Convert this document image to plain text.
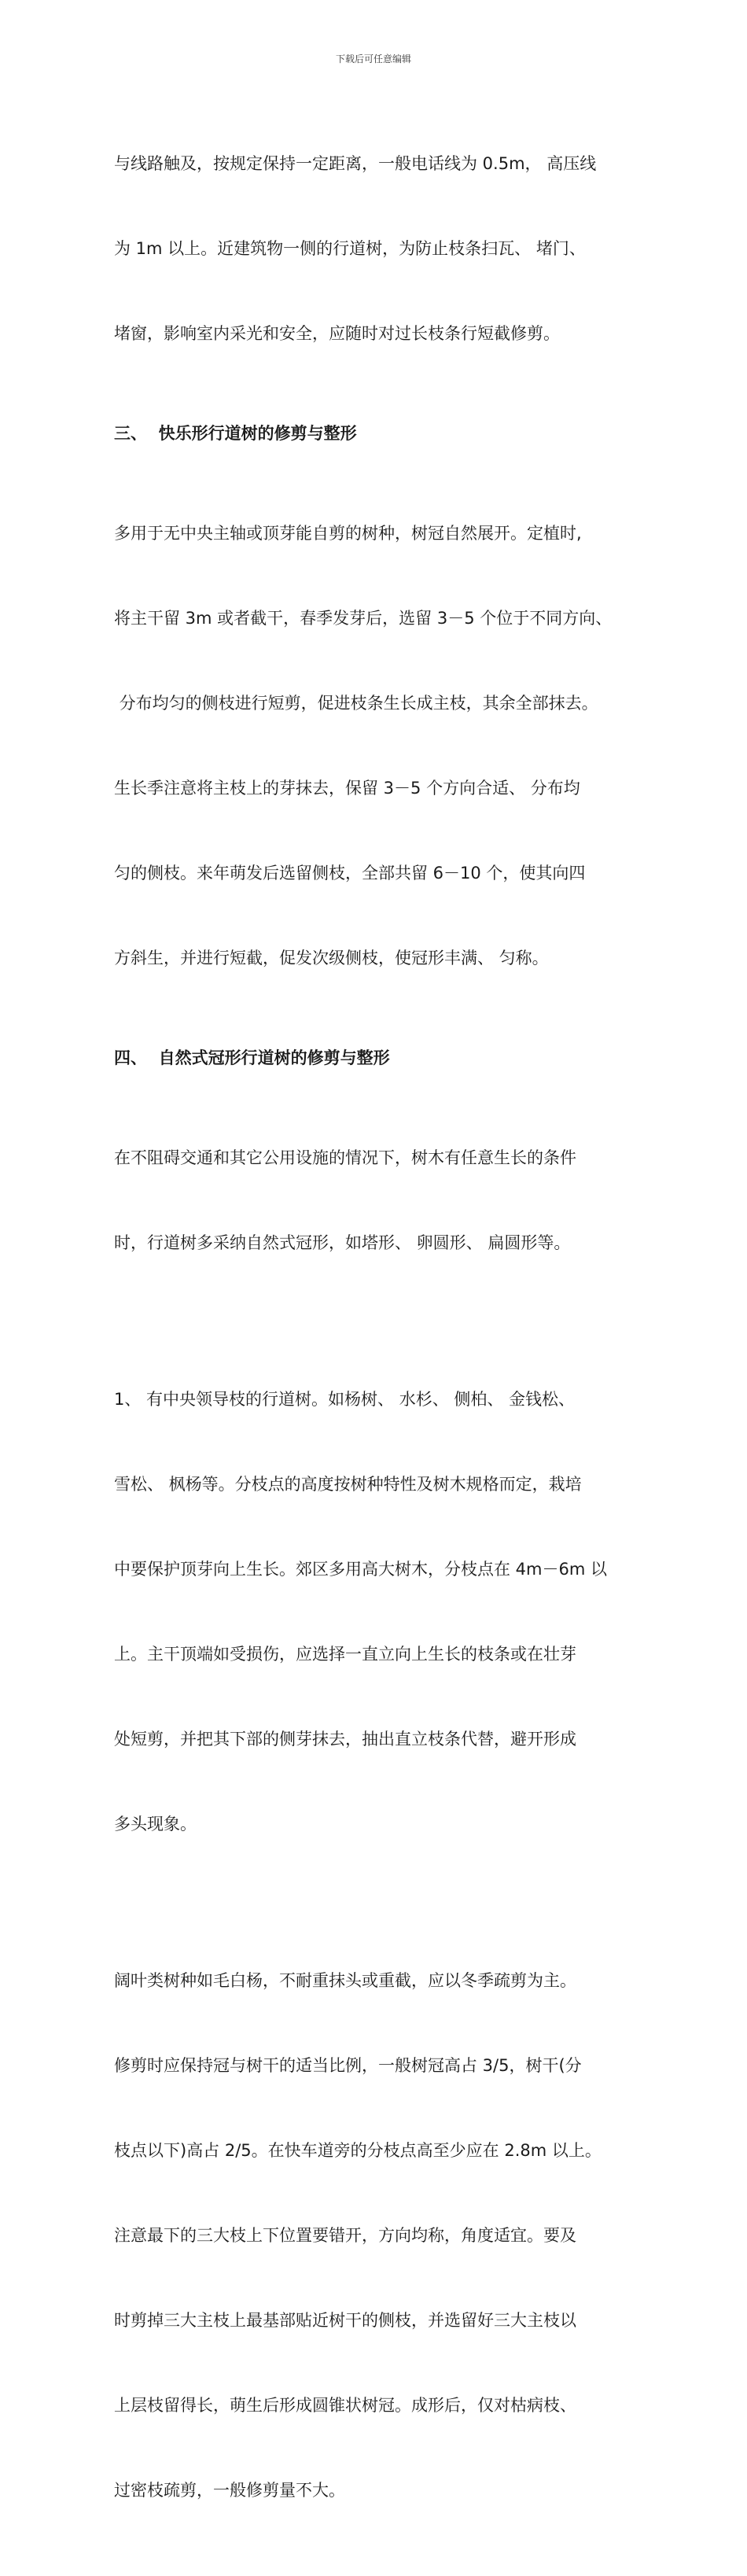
下载后可任意编辑

与线路触及，按规定保持一定距离，一般电话线为 0.5m， 高压线

为 1m 以上。近建筑物一侧的行道树，为防止枝条扫瓦、 堵门、

堵窗，影响室内采光和安全，应随时对过长枝条行短截修剪。

三、  快乐形行道树的修剪与整形

多用于无中央主轴或顶芽能自剪的树种，树冠自然展开。定植时,

将主干留 3m 或者截干，春季发芽后，选留 3－5 个位于不同方向、

分布均匀的侧枝进行短剪，促进枝条生长成主枝，其余全部抹去。

生长季注意将主枝上的芽抹去，保留 3－5 个方向合适、 分布均

匀的侧枝。来年萌发后选留侧枝，全部共留 6－10 个，使其向四

方斜生，并进行短截，促发次级侧枝，使冠形丰满、 匀称。

四、  自然式冠形行道树的修剪与整形

在不阻碍交通和其它公用设施的情况下，树木有任意生长的条件

时，行道树多采纳自然式冠形，如塔形、 卵圆形、 扁圆形等。

1、 有中央领导枝的行道树。如杨树、 水杉、 侧柏、 金钱松、

雪松、 枫杨等。分枝点的高度按树种特性及树木规格而定，栽培

中要保护顶芽向上生长。郊区多用高大树木，分枝点在 4m－6m 以

上。主干顶端如受损伤，应选择一直立向上生长的枝条或在壮芽

处短剪，并把其下部的侧芽抹去，抽出直立枝条代替，避开形成

多头现象。

阔叶类树种如毛白杨，不耐重抹头或重截，应以冬季疏剪为主。

修剪时应保持冠与树干的适当比例，一般树冠高占 3/5，树干(分

枝点以下)高占 2/5。在快车道旁的分枝点高至少应在 2.8m 以上。

注意最下的三大枝上下位置要错开，方向均称，角度适宜。要及

时剪掉三大主枝上最基部贴近树干的侧枝，并选留好三大主枝以

上层枝留得长，萌生后形成圆锥状树冠。成形后，仅对枯病枝、

过密枝疏剪，一般修剪量不大。
